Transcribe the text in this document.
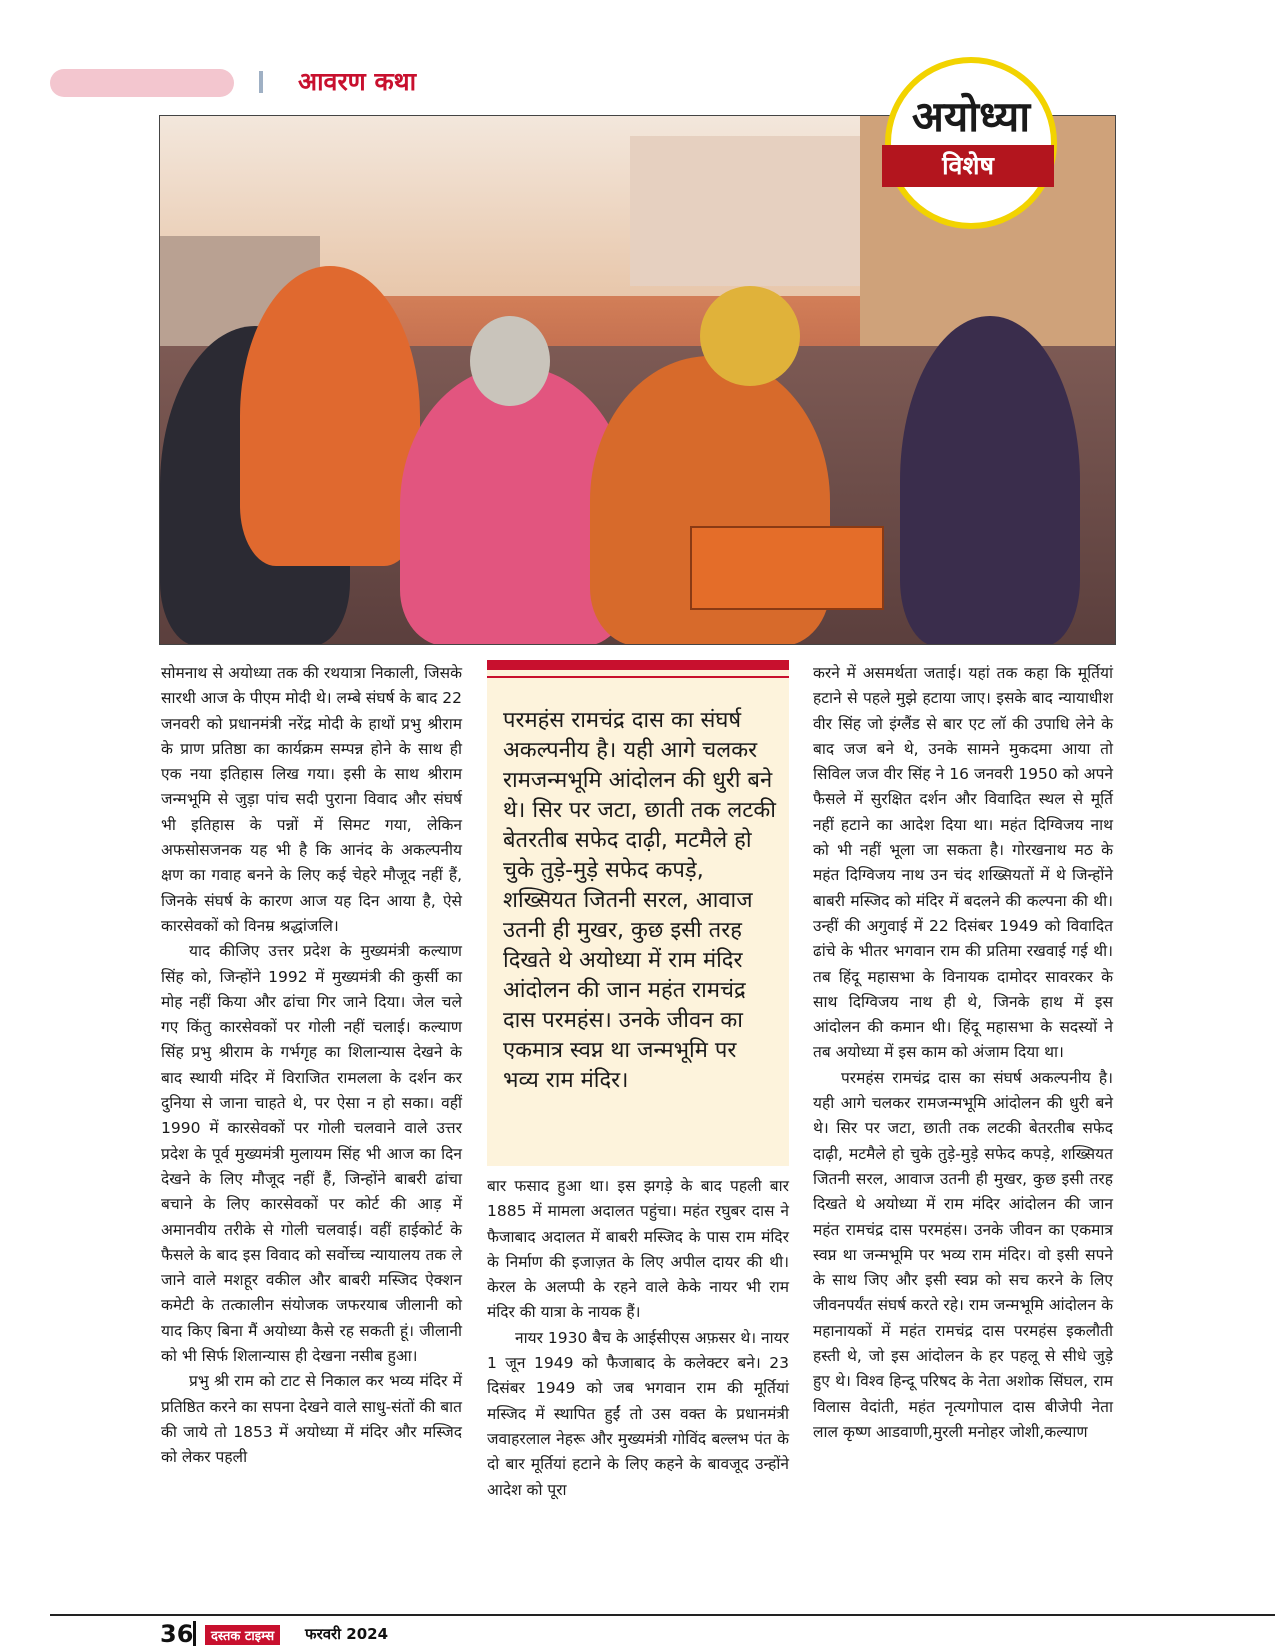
आवरण कथा
अयोध्या
विशेष

सोमनाथ से अयोध्या तक की रथयात्रा निकाली, जिसके सारथी आज के पीएम मोदी थे। लम्बे संघर्ष के बाद 22 जनवरी को प्रधानमंत्री नरेंद्र मोदी के हाथों प्रभु श्रीराम के प्राण प्रतिष्ठा का कार्यक्रम सम्पन्न होने के साथ ही एक नया इतिहास लिख गया। इसी के साथ श्रीराम जन्मभूमि से जुड़ा पांच सदी पुराना विवाद और संघर्ष भी इतिहास के पन्नों में सिमट गया, लेकिन अफसोसजनक यह भी है कि आनंद के अकल्पनीय क्षण का गवाह बनने के लिए कई चेहरे मौजूद नहीं हैं, जिनके संघर्ष के कारण आज यह दिन आया है, ऐसे कारसेवकों को विनम्र श्रद्धांजलि।

याद कीजिए उत्तर प्रदेश के मुख्यमंत्री कल्याण सिंह को, जिन्होंने 1992 में मुख्यमंत्री की कुर्सी का मोह नहीं किया और ढांचा गिर जाने दिया। जेल चले गए किंतु कारसेवकों पर गोली नहीं चलाई। कल्याण सिंह प्रभु श्रीराम के गर्भगृह का शिलान्यास देखने के बाद स्थायी मंदिर में विराजित रामलला के दर्शन कर दुनिया से जाना चाहते थे, पर ऐसा न हो सका। वहीं 1990 में कारसेवकों पर गोली चलवाने वाले उत्तर प्रदेश के पूर्व मुख्यमंत्री मुलायम सिंह भी आज का दिन देखने के लिए मौजूद नहीं हैं, जिन्होंने बाबरी ढांचा बचाने के लिए कारसेवकों पर कोर्ट की आड़ में अमानवीय तरीके से गोली चलवाई। वहीं हाईकोर्ट के फैसले के बाद इस विवाद को सर्वोच्च न्यायालय तक ले जाने वाले मशहूर वकील और बाबरी मस्जिद ऐक्शन कमेटी के तत्कालीन संयोजक जफरयाब जीलानी को याद किए बिना मैं अयोध्या कैसे रह सकती हूं। जीलानी को भी सिर्फ शिलान्यास ही देखना नसीब हुआ।

प्रभु श्री राम को टाट से निकाल कर भव्य मंदिर में प्रतिष्ठित करने का सपना देखने वाले साधु-संतों की बात की जाये तो 1853 में अयोध्या में मंदिर और मस्जिद को लेकर पहली

परमहंस रामचंद्र दास का संघर्ष अकल्पनीय है। यही आगे चलकर रामजन्मभूमि आंदोलन की धुरी बने थे। सिर पर जटा, छाती तक लटकी बेतरतीब सफेद दाढ़ी, मटमैले हो चुके तुड़े-मुड़े सफेद कपड़े, शख्सियत जितनी सरल, आवाज उतनी ही मुखर, कुछ इसी तरह दिखते थे अयोध्या में राम मंदिर आंदोलन की जान महंत रामचंद्र दास परमहंस। उनके जीवन का एकमात्र स्वप्न था जन्मभूमि पर भव्य राम मंदिर।

बार फसाद हुआ था। इस झगड़े के बाद पहली बार 1885 में मामला अदालत पहुंचा। महंत रघुबर दास ने फैजाबाद अदालत में बाबरी मस्जिद के पास राम मंदिर के निर्माण की इजाज़त के लिए अपील दायर की थी। केरल के अलप्पी के रहने वाले केके नायर भी राम मंदिर की यात्रा के नायक हैं।

नायर 1930 बैच के आईसीएस अफ़सर थे। नायर 1 जून 1949 को फैजाबाद के कलेक्टर बने। 23 दिसंबर 1949 को जब भगवान राम की मूर्तियां मस्जिद में स्थापित हुईं तो उस वक्त के प्रधानमंत्री जवाहरलाल नेहरू और मुख्यमंत्री गोविंद बल्लभ पंत के दो बार मूर्तियां हटाने के लिए कहने के बावजूद उन्होंने आदेश को पूरा

करने में असमर्थता जताई। यहां तक कहा कि मूर्तियां हटाने से पहले मुझे हटाया जाए। इसके बाद न्यायाधीश वीर सिंह जो इंग्लैंड से बार एट लॉ की उपाधि लेने के बाद जज बने थे, उनके सामने मुकदमा आया तो सिविल जज वीर सिंह ने 16 जनवरी 1950 को अपने फैसले में सुरक्षित दर्शन और विवादित स्थल से मूर्ति नहीं हटाने का आदेश दिया था। महंत दिग्विजय नाथ को भी नहीं भूला जा सकता है। गोरखनाथ मठ के महंत दिग्विजय नाथ उन चंद शख्सियतों में थे जिन्होंने बाबरी मस्जिद को मंदिर में बदलने की कल्पना की थी। उन्हीं की अगुवाई में 22 दिसंबर 1949 को विवादित ढांचे के भीतर भगवान राम की प्रतिमा रखवाई गई थी। तब हिंदू महासभा के विनायक दामोदर सावरकर के साथ दिग्विजय नाथ ही थे, जिनके हाथ में इस आंदोलन की कमान थी। हिंदू महासभा के सदस्यों ने तब अयोध्या में इस काम को अंजाम दिया था।

परमहंस रामचंद्र दास का संघर्ष अकल्पनीय है। यही आगे चलकर रामजन्मभूमि आंदोलन की धुरी बने थे। सिर पर जटा, छाती तक लटकी बेतरतीब सफेद दाढ़ी, मटमैले हो चुके तुड़े-मुड़े सफेद कपड़े, शख्सियत जितनी सरल, आवाज उतनी ही मुखर, कुछ इसी तरह दिखते थे अयोध्या में राम मंदिर आंदोलन की जान महंत रामचंद्र दास परमहंस। उनके जीवन का एकमात्र स्वप्न था जन्मभूमि पर भव्य राम मंदिर। वो इसी सपने के साथ जिए और इसी स्वप्न को सच करने के लिए जीवनपर्यंत संघर्ष करते रहे। राम जन्मभूमि आंदोलन के महानायकों में महंत रामचंद्र दास परमहंस इकलौती हस्ती थे, जो इस आंदोलन के हर पहलू से सीधे जुड़े हुए थे। विश्व हिन्दू परिषद के नेता अशोक सिंघल, राम विलास वेदांती, महंत नृत्यगोपाल दास बीजेपी नेता लाल कृष्ण आडवाणी,मुरली मनोहर जोशी,कल्याण

36	दस्तक टाइम्स	फरवरी 2024
